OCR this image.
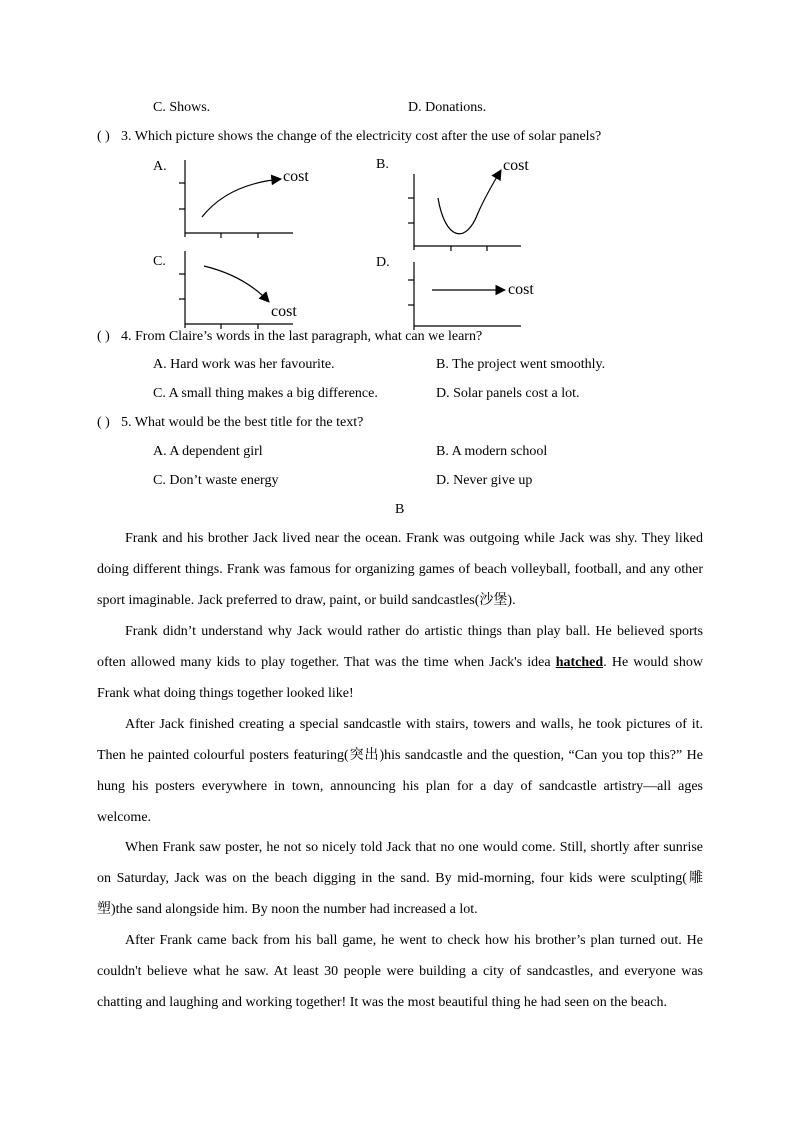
C. Shows.	D. Donations.
( ) 3. Which picture shows the change of the electricity cost after the use of solar panels?
A.
cost
B.	cost
C.
cost
D.
cost
( ) 4. From Claire’s words in the last paragraph, what can we learn?
A. Hard work was her favourite.	B. The project went smoothly.
C. A small thing makes a big difference.	D. Solar panels cost a lot.
( ) 5. What would be the best title for the text?
A. A dependent girl	B. A modern school
C. Don’t waste energy	D. Never give up
B
Frank and his brother Jack lived near the ocean. Frank was outgoing while Jack was shy. They liked doing different things. Frank was famous for organizing games of beach volleyball, football, and any other sport imaginable. Jack preferred to draw, paint, or build sandcastles(沙堡).
Frank didn’t understand why Jack would rather do artistic things than play ball. He believed sports often allowed many kids to play together. That was the time when Jack's idea hatched. He would show Frank what doing things together looked like!
After Jack finished creating a special sandcastle with stairs, towers and walls, he took pictures of it. Then he painted colourful posters featuring(突出)his sandcastle and the question, “Can you top this?” He hung his posters everywhere in town, announcing his plan for a day of sandcastle artistry—all ages welcome.
When Frank saw poster, he not so nicely told Jack that no one would come. Still, shortly after sunrise on Saturday, Jack was on the beach digging in the sand. By mid-morning, four kids were sculpting(雕塑)the sand alongside him. By noon the number had increased a lot.
After Frank came back from his ball game, he went to check how his brother’s plan turned out. He couldn't believe what he saw. At least 30 people were building a city of sandcastles, and everyone was chatting and laughing and working together! It was the most beautiful thing he had seen on the beach.
